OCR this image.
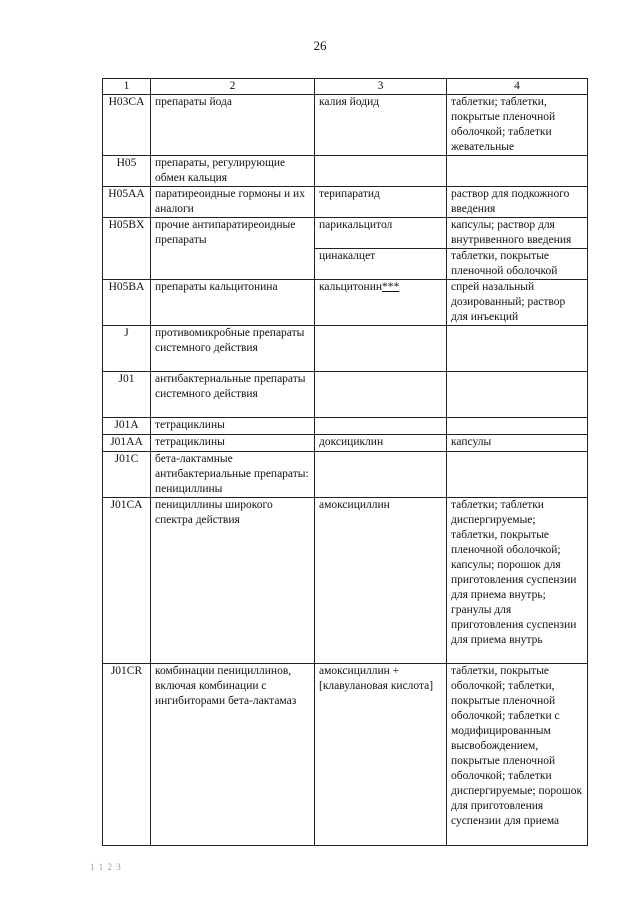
26
1	2	3	4
H03CA	препараты йода	калия йодид	таблетки; таблетки, покрытые пленочной оболочкой; таблетки жевательные
H05	препараты, регулирующие обмен кальция		
H05AA	паратиреоидные гормоны и их аналоги	терипаратид	раствор для подкожного введения
H05BX	прочие антипаратиреоидные препараты	парикальцитол	капсулы; раствор для внутривенного введения
		цинакалцет	таблетки, покрытые пленочной оболочкой
H05BA	препараты кальцитонина	кальцитонин***	спрей назальный дозированный; раствор для инъекций
J	противомикробные препараты системного действия		
J01	антибактериальные препараты системного действия		
J01A	тетрациклины		
J01AA	тетрациклины	доксициклин	капсулы
J01C	бета-лактамные антибактериальные препараты: пенициллины		
J01CA	пенициллины широкого спектра действия	амоксициллин	таблетки; таблетки диспергируемые; таблетки, покрытые пленочной оболочкой; капсулы; порошок для приготовления суспензии для приема внутрь; гранулы для приготовления суспензии для приема внутрь
J01CR	комбинации пенициллинов, включая комбинации с ингибиторами бета-лактамаз	амоксициллин + [клавулановая кислота]	таблетки, покрытые оболочкой; таблетки, покрытые пленочной оболочкой; таблетки с модифицированным высвобождением, покрытые пленочной оболочкой; таблетки диспергируемые; порошок для приготовления суспензии для приема
1 1 2 3
